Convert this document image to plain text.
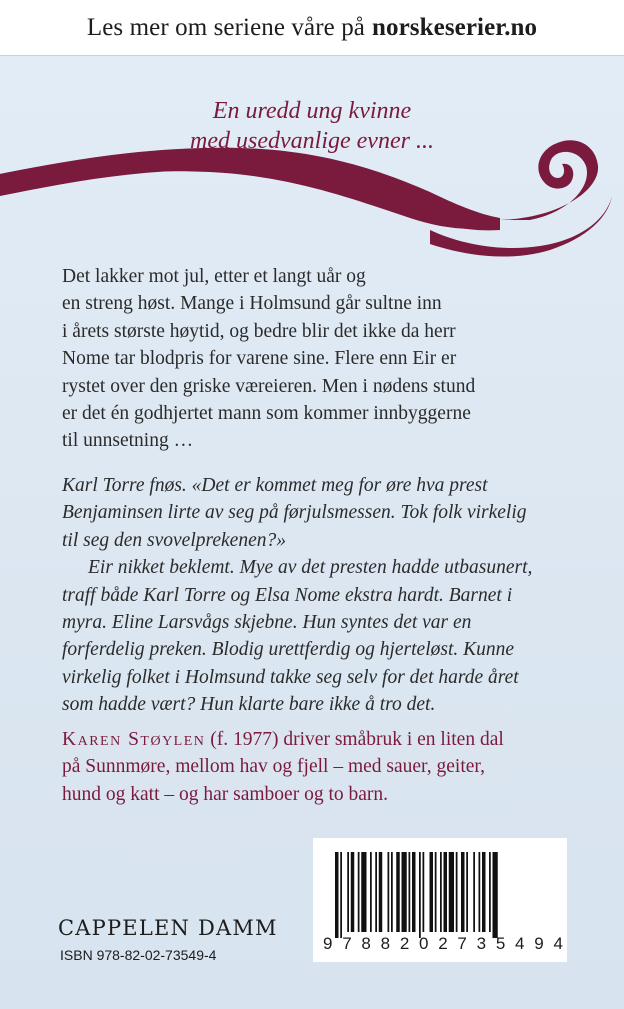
Les mer om seriene våre på norskeserier.no
En uredd ung kvinne
med usedvanlige evner ...
Det lakker mot jul, etter et langt uår og
en streng høst. Mange i Holmsund går sultne inn
i årets største høytid, og bedre blir det ikke da herr
Nome tar blodpris for varene sine. Flere enn Eir er
rystet over den griske væreieren. Men i nødens stund
er det én godhjertet mann som kommer innbyggerne
til unnsetning …
Karl Torre fnøs. «Det er kommet meg for øre hva prest
Benjaminsen lirte av seg på førjulsmessen. Tok folk virkelig
til seg den svovelprekenen?»
Eir nikket beklemt. Mye av det presten hadde utbasunert,
traff både Karl Torre og Elsa Nome ekstra hardt. Barnet i
myra. Eline Larsvågs skjebne. Hun syntes det var en
forferdelig preken. Blodig urettferdig og hjerteløst. Kunne
virkelig folket i Holmsund takke seg selv for det harde året
som hadde vært? Hun klarte bare ikke å tro det.
Karen Støylen (f. 1977) driver småbruk i en liten dal
på Sunnmøre, mellom hav og fjell – med sauer, geiter,
hund og katt – og har samboer og to barn.
CAPPELEN DAMM
ISBN 978-82-02-73549-4
9 7 8 8 2 0 2 7 3 5 4 9 4
